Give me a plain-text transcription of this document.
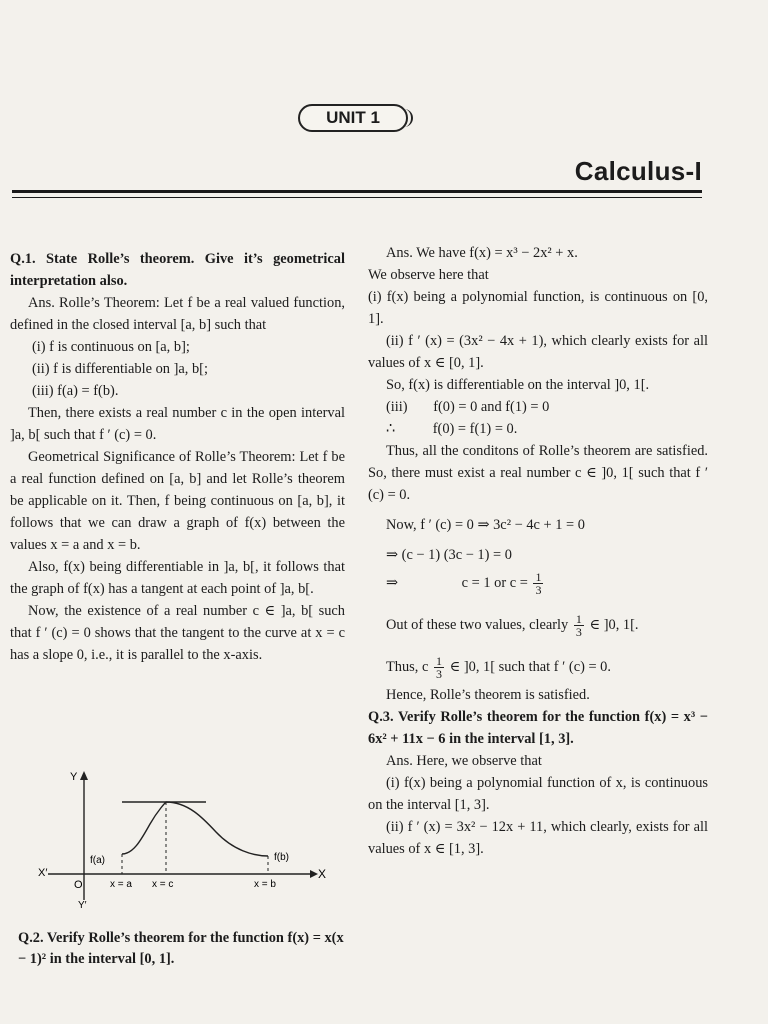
UNIT 1
Calculus-I

Q.1. State Rolle’s theorem. Give it’s geometrical interpretation also.

Ans. Rolle’s Theorem: Let f be a real valued function, defined in the closed interval [a, b] such that

(i) f is continuous on [a, b];

(ii) f is differentiable on ]a, b[;

(iii) f(a) = f(b).

Then, there exists a real number c in the open interval ]a, b[ such that f ′ (c) = 0.

Geometrical Significance of Rolle’s Theorem: Let f be a real function defined on [a, b] and let Rolle’s theorem be applicable on it. Then, f being continuous on [a, b], it follows that we can draw a graph of f(x) between the values x = a and x = b.

Also, f(x) being differentiable in ]a, b[, it follows that the graph of f(x) has a tangent at each point of ]a, b[.

Now, the existence of a real number c ∈ ]a, b[ such that f ′ (c) = 0 shows that the tangent to the curve at x = c has a slope 0, i.e., it is parallel to the x-axis.

Y
X
X′
Y′
O
f(a)	f(b)
x = a x = c	x = b

Q.2. Verify Rolle’s theorem for the function f(x) = x(x − 1)² in the interval [0, 1].

Ans. We have f(x) = x³ − 2x² + x.

We observe here that

(i) f(x) being a polynomial function, is continuous on [0, 1].

(ii) f ′ (x) = (3x² − 4x + 1), which clearly exists for all values of x ∈ [0, 1].

So, f(x) is differentiable on the interval ]0, 1[.

(iii) f(0) = 0 and f(1) = 0

∴	f(0) = f(1) = 0.

Thus, all the conditons of Rolle’s theorem are satisfied. So, there must exist a real number c ∈ ]0, 1[ such that f ′ (c) = 0.

Now, f ′ (c) = 0 ⇒ 3c² − 4c + 1 = 0

⇒ (c − 1) (3c − 1) = 0

⇒	c = 1 or $c = \frac{1}{3}$
Out of these two values, clearly $\frac{1}{3}$ ∈ ]0, 1[.
Thus, c $\frac{1}{3}$ ∈ ]0, 1[ such that f ′ (c) = 0.

Hence, Rolle’s theorem is satisfied.

Q.3. Verify Rolle’s theorem for the function f(x) = x³ − 6x² + 11x − 6 in the interval [1, 3].

Ans. Here, we observe that

(i) f(x) being a polynomial function of x, is continuous on the interval [1, 3].

(ii) f ′ (x) = 3x² − 12x + 11, which clearly, exists for all values of x ∈ [1, 3].
